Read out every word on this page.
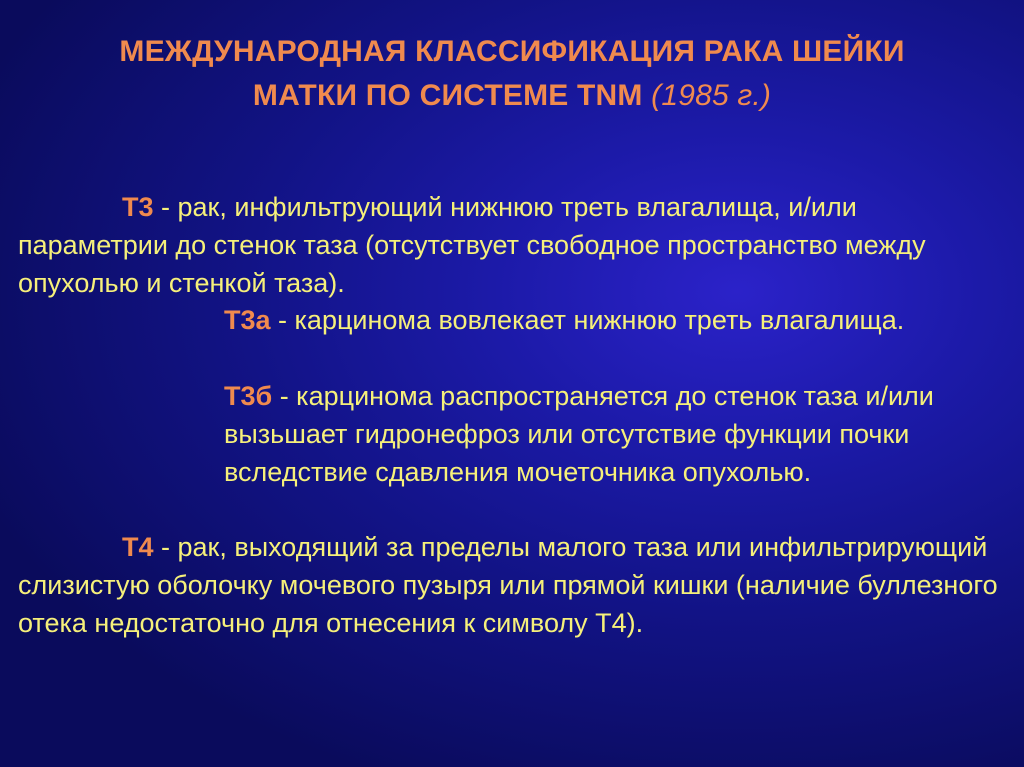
МЕЖДУНАРОДНАЯ КЛАССИФИКАЦИЯ РАКА ШЕЙКИ
МАТКИ ПО СИСТЕМЕ TNM (1985 г.)

Т3 - рак, инфильтрующий нижнюю треть влагалища, и/или параметрии до стенок таза (отсутствует свободное пространство между опухолью и стенкой таза).

Т3а - карцинома вовлекает нижнюю треть влагалища.

Т3б - карцинома распространяется до стенок таза и/или вызьшает гидронефроз или отсутствие функции почки вследствие сдавления мочеточника опухолью.

Т4 - рак, выходящий за пределы малого таза или инфильтрирующий слизистую оболочку мочевого пузыря или прямой кишки (наличие буллезного отека недостаточно для отнесения к символу Т4).
